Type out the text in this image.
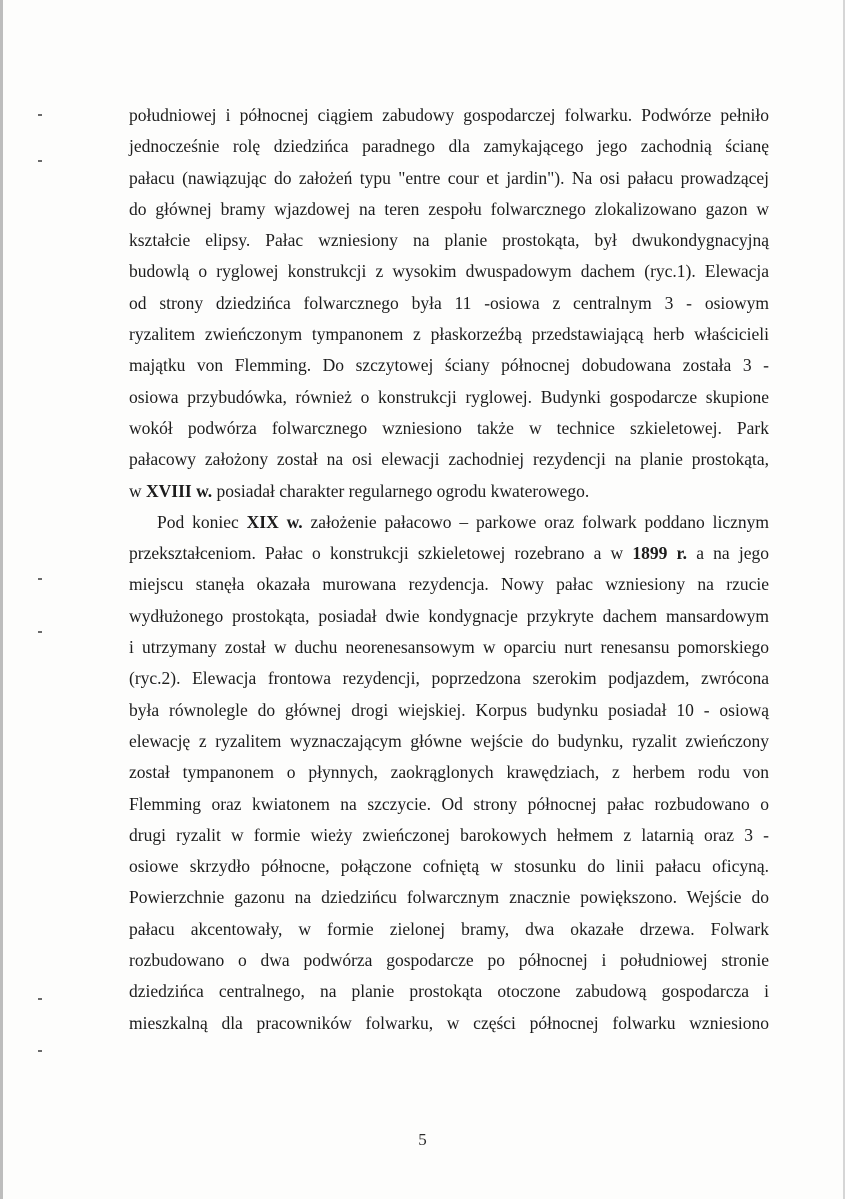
południowej i północnej ciągiem zabudowy gospodarczej folwarku. Podwórze pełniło
jednocześnie rolę dziedzińca paradnego dla zamykającego jego zachodnią ścianę
pałacu (nawiązując do założeń typu "entre cour et jardin"). Na osi pałacu prowadzącej
do głównej bramy wjazdowej na teren zespołu folwarcznego zlokalizowano gazon w
kształcie elipsy. Pałac wzniesiony na planie prostokąta, był dwukondygnacyjną
budowlą o ryglowej konstrukcji z wysokim dwuspadowym dachem (ryc.1). Elewacja
od strony dziedzińca folwarcznego była 11 -osiowa z centralnym 3 - osiowym
ryzalitem zwieńczonym tympanonem z płaskorzeźbą przedstawiającą herb właścicieli
majątku von Flemming. Do szczytowej ściany północnej dobudowana została 3 -
osiowa przybudówka, również o konstrukcji ryglowej. Budynki gospodarcze skupione
wokół podwórza folwarcznego wzniesiono także w technice szkieletowej. Park
pałacowy założony został na osi elewacji zachodniej rezydencji na planie prostokąta,
w XVIII w. posiadał charakter regularnego ogrodu kwaterowego.
Pod koniec XIX w. założenie pałacowo – parkowe oraz folwark poddano licznym
przekształceniom. Pałac o konstrukcji szkieletowej rozebrano a w 1899 r. a na jego
miejscu stanęła okazała murowana rezydencja. Nowy pałac wzniesiony na rzucie
wydłużonego prostokąta, posiadał dwie kondygnacje przykryte dachem mansardowym
i utrzymany został w duchu neorenesansowym w oparciu nurt renesansu pomorskiego
(ryc.2). Elewacja frontowa rezydencji, poprzedzona szerokim podjazdem, zwrócona
była równolegle do głównej drogi wiejskiej. Korpus budynku posiadał 10 - osiową
elewację z ryzalitem wyznaczającym główne wejście do budynku, ryzalit zwieńczony
został tympanonem o płynnych, zaokrąglonych krawędziach, z herbem rodu von
Flemming oraz kwiatonem na szczycie. Od strony północnej pałac rozbudowano o
drugi ryzalit w formie wieży zwieńczonej barokowych hełmem z latarnią oraz 3 -
osiowe skrzydło północne, połączone cofniętą w stosunku do linii pałacu oficyną.
Powierzchnie gazonu na dziedzińcu folwarcznym znacznie powiększono. Wejście do
pałacu akcentowały, w formie zielonej bramy, dwa okazałe drzewa. Folwark
rozbudowano o dwa podwórza gospodarcze po północnej i południowej stronie
dziedzińca centralnego, na planie prostokąta otoczone zabudową gospodarcza i
mieszkalną dla pracowników folwarku, w części północnej folwarku wzniesiono
5
